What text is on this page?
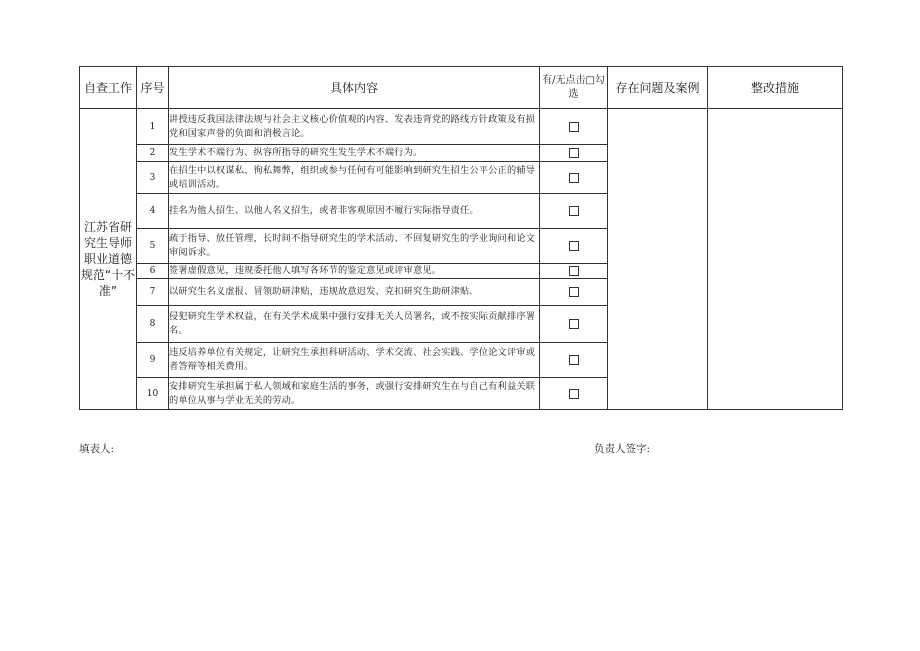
自查工作	序号	具体内容	有/无点击□勾选	存在问题及案例	整改措施
江苏省研究生导师职业道德规范“十不准”	1	讲授违反我国法律法规与社会主义核心价值观的内容、发表违背党的路线方针政策及有损党和国家声誉的负面和消极言论。			
	2	发生学术不端行为、纵容所指导的研究生发生学术不端行为。			
	3	在招生中以权谋私、徇私舞弊，组织或参与任何有可能影响到研究生招生公平公正的辅导或培训活动。			
	4	挂名为他人招生、以他人名义招生，或者非客观原因不履行实际指导责任。			
	5	疏于指导、放任管理，长时间不指导研究生的学术活动、不回复研究生的学业询问和论文审阅诉求。			
	6	签署虚假意见，违规委托他人填写各环节的鉴定意见或评审意见。			
	7	以研究生名义虚报、冒领助研津贴，违规故意迟发、克扣研究生助研津贴.			
	8	侵犯研究生学术权益，在有关学术成果中强行安排无关人员署名，或不按实际贡献排序署名。			
	9	违反培养单位有关规定，让研究生承担科研活动、学术交流、社会实践、学位论文评审或者答辩等相关费用。			
	10	安排研究生承担属于私人领域和家庭生活的事务，或强行安排研究生在与自己有利益关联的单位从事与学业无关的劳动。			
填表人:	负责人签字:
